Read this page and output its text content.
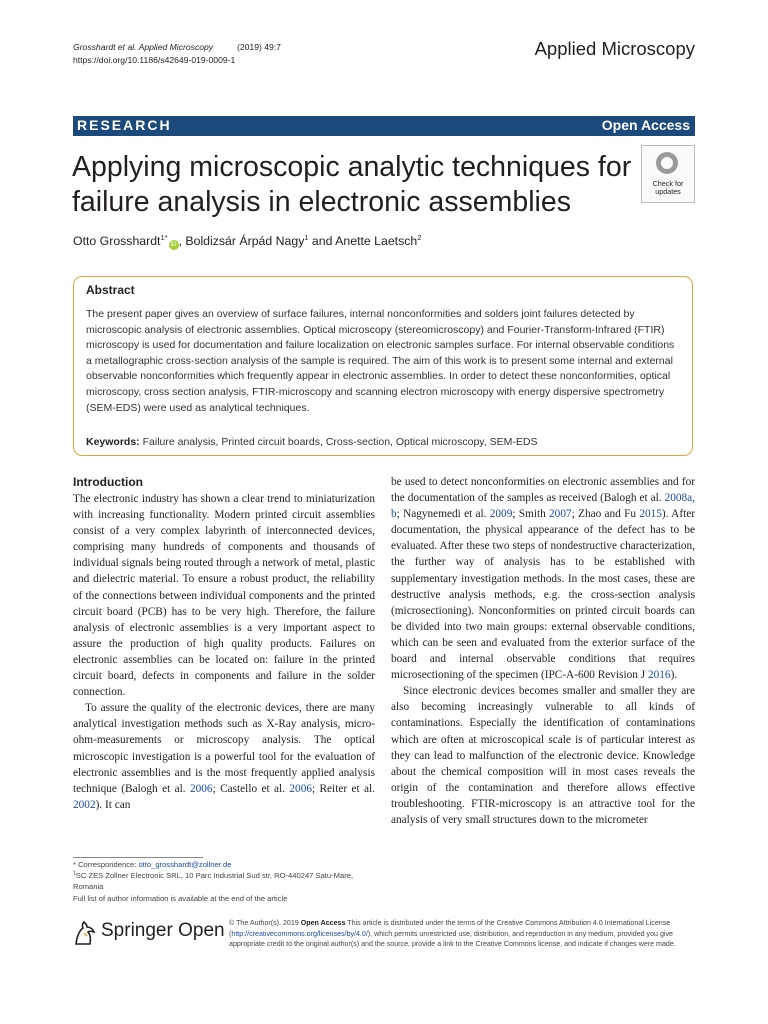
Grosshardt et al. Applied Microscopy	(2019) 49:7
https://doi.org/10.1186/s42649-019-0009-1
Applied Microscopy
RESEARCH	Open Access
Applying microscopic analytic techniques for failure analysis in electronic assemblies
Check for
updates
Otto Grosshardt$^{1*}$iD , Boldizsár Árpád Nagy$^1$ and Anette Laetsch$^2$
Abstract
The present paper gives an overview of surface failures, internal nonconformities and solders joint failures detected by microscopic analysis of electronic assemblies. Optical microscopy (stereomicroscopy) and Fourier-Transform-Infrared (FTIR) microscopy is used for documentation and failure localization on electronic samples surface. For internal observable conditions a metallographic cross-section analysis of the sample is required. The aim of this work is to present some internal and external observable nonconformities which frequently appear in electronic assemblies. In order to detect these nonconformities, optical microscopy, cross section analysis, FTIR-microscopy and scanning electron microscopy with energy dispersive spectrometry (SEM-EDS) were used as analytical techniques.
Keywords: Failure analysis, Printed circuit boards, Cross-section, Optical microscopy, SEM-EDS
Introduction
The electronic industry has shown a clear trend to miniaturization with increasing functionality. Modern printed circuit assemblies consist of a very complex labyrinth of interconnected devices, comprising many hundreds of components and thousands of individual signals being routed through a network of metal, plastic and dielectric material. To ensure a robust product, the reliability of the connections between individual components and the printed circuit board (PCB) has to be very high. Therefore, the failure analysis of electronic assemblies is a very important aspect to assure the production of high quality products. Failures on electronic assemblies can be located on: failure in the printed circuit board, defects in components and failure in the solder connection.
To assure the quality of the electronic devices, there are many analytical investigation methods such as X-Ray analysis, micro-ohm-measurements or microscopy analysis. The optical microscopic investigation is a powerful tool for the evaluation of electronic assemblies and is the most frequently applied analysis technique (Balogh et al. 2006; Castello et al. 2006; Reiter et al. 2002). It can
be used to detect nonconformities on electronic assemblies and for the documentation of the samples as received (Balogh et al. 2008a, b; Nagynemedi et al. 2009; Smith 2007; Zhao and Fu 2015). After documentation, the physical appearance of the defect has to be evaluated. After these two steps of nondestructive characterization, the further way of analysis has to be established with supplementary investigation methods. In the most cases, these are destructive analysis methods, e.g. the cross-section analysis (microsectioning). Nonconformities on printed circuit boards can be divided into two main groups: external observable conditions, which can be seen and evaluated from the exterior surface of the board and internal observable conditions that requires microsectioning of the specimen (IPC-A-600 Revision J 2016).
Since electronic devices becomes smaller and smaller they are also becoming increasingly vulnerable to all kinds of contaminations. Especially the identification of contaminations which are often at microscopical scale is of particular interest as they can lead to malfunction of the electronic device. Knowledge about the chemical composition will in most cases reveals the origin of the contamination and therefore allows effective troubleshooting. FTIR-microscopy is an attractive tool for the analysis of very small structures down to the micrometer
* Correspondence: otto_grosshardt@zollner.de
$^1$SC ZES Zollner Electronic SRL, 10 Parc Industrial Sud str, RO-440247 Satu-Mare, Romania
Full list of author information is available at the end of the article
Springer Open © The Author(s). 2019 Open Access This article is distributed under the terms of the Creative Commons Attribution 4.0 International License (http://creativecommons.org/licenses/by/4.0/), which permits unrestricted use, distribution, and reproduction in any medium, provided you give appropriate credit to the original author(s) and the source, provide a link to the Creative Commons license, and indicate if changes were made.
